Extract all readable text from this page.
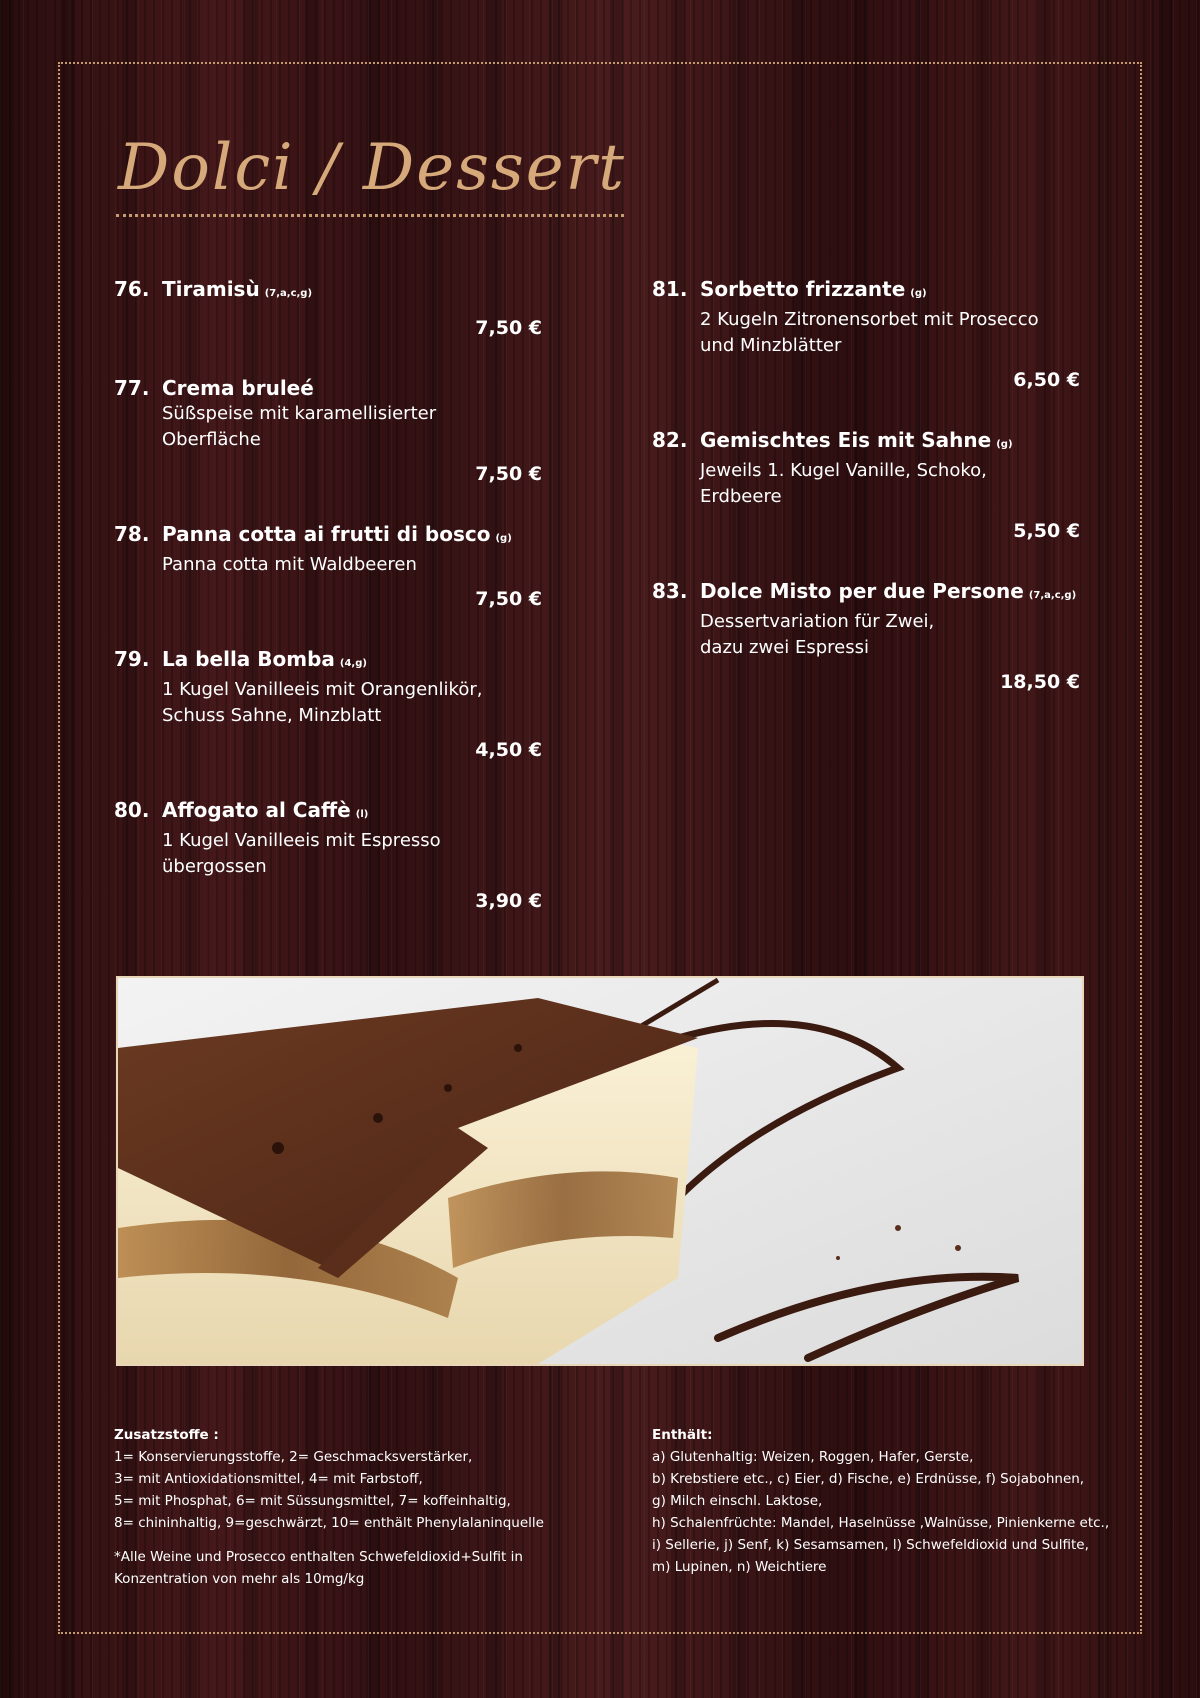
Dolci / Dessert
76. Tiramisù (7,a,c,g)
7,50 €
77. Crema bruleé
Süßspeise mit karamellisierter
Oberfläche
7,50 €
78. Panna cotta ai frutti di bosco (g)
Panna cotta mit Waldbeeren
7,50 €
79. La bella Bomba (4,g)
1 Kugel Vanilleeis mit Orangenlikör,
Schuss Sahne, Minzblatt
4,50 €
80. Affogato al Caffè (l)
1 Kugel Vanilleeis mit Espresso
übergossen
3,90 €
81. Sorbetto frizzante (g)
2 Kugeln Zitronensorbet mit Prosecco
und Minzblätter
6,50 €
82. Gemischtes Eis mit Sahne (g)
Jeweils 1. Kugel Vanille, Schoko,
Erdbeere
5,50 €
83. Dolce Misto per due Persone (7,a,c,g)
Dessertvariation für Zwei,
dazu zwei Espressi
18,50 €

Zusatzstoffe :

1= Konservierungsstoffe, 2= Geschmacksverstärker,

3= mit Antioxidationsmittel, 4= mit Farbstoff,

5= mit Phosphat, 6= mit Süssungsmittel, 7= koffeinhaltig,

8= chininhaltig, 9=geschwärzt, 10= enthält Phenylalaninquelle

*Alle Weine und Prosecco enthalten Schwefeldioxid+Sulfit in Konzentration von mehr als 10mg/kg

Enthält:

a) Glutenhaltig: Weizen, Roggen, Hafer, Gerste,

b) Krebstiere etc., c) Eier, d) Fische, e) Erdnüsse, f) Sojabohnen,

g) Milch einschl. Laktose,

h) Schalenfrüchte: Mandel, Haselnüsse ,Walnüsse, Pinienkerne etc.,

i) Sellerie, j) Senf, k) Sesamsamen, l) Schwefeldioxid und Sulfite,

m) Lupinen, n) Weichtiere
